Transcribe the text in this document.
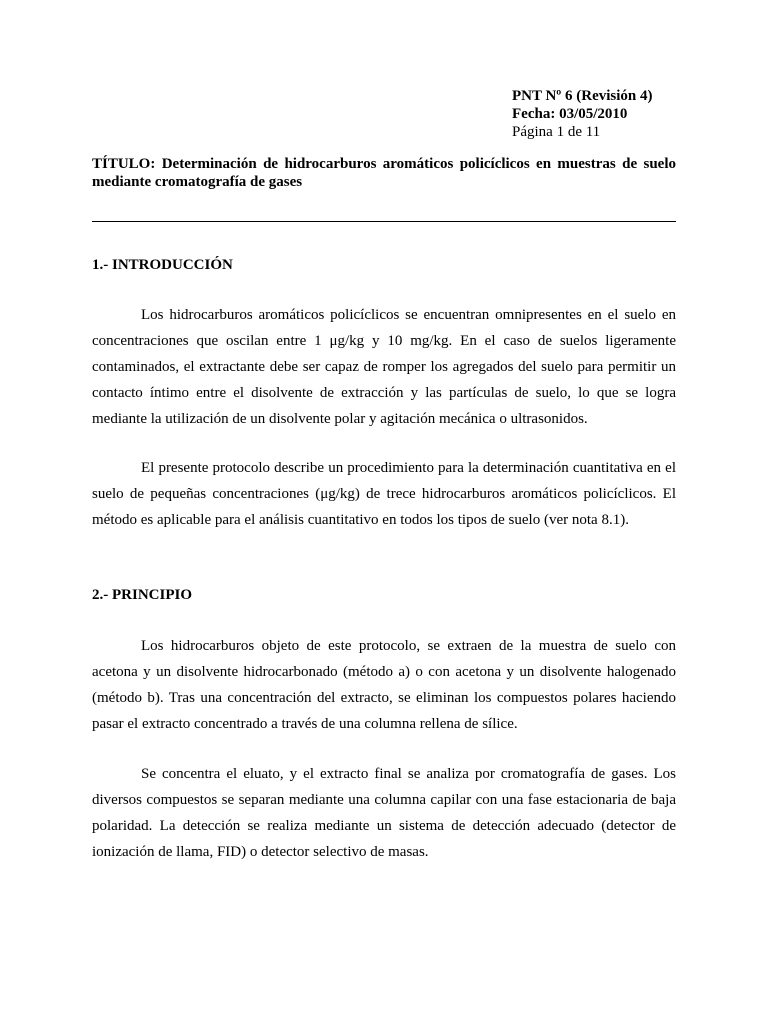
PNT Nº 6 (Revisión 4)
Fecha: 03/05/2010
Página 1 de 11
TÍTULO: Determinación de hidrocarburos aromáticos policíclicos en muestras de suelo mediante cromatografía de gases
1.- INTRODUCCIÓN
Los hidrocarburos aromáticos policíclicos se encuentran omnipresentes en el suelo en concentraciones que oscilan entre 1 μg/kg y 10 mg/kg. En el caso de suelos ligeramente contaminados, el extractante debe ser capaz de romper los agregados del suelo para permitir un contacto íntimo entre el disolvente de extracción y las partículas de suelo, lo que se logra mediante la utilización de un disolvente polar y agitación mecánica o ultrasonidos.
El presente protocolo describe un procedimiento para la determinación cuantitativa en el suelo de pequeñas concentraciones (μg/kg) de trece hidrocarburos aromáticos policíclicos. El método es aplicable para el análisis cuantitativo en todos los tipos de suelo (ver nota 8.1).
2.- PRINCIPIO
Los hidrocarburos objeto de este protocolo, se extraen de la muestra de suelo con acetona y un disolvente hidrocarbonado (método a) o con acetona y un disolvente halogenado (método b). Tras una concentración del extracto, se eliminan los compuestos polares haciendo pasar el extracto concentrado a través de una columna rellena de sílice.
Se concentra el eluato, y el extracto final se analiza por cromatografía de gases. Los diversos compuestos se separan mediante una columna capilar con una fase estacionaria de baja polaridad. La detección se realiza mediante un sistema de detección adecuado (detector de ionización de llama, FID) o detector selectivo de masas.
